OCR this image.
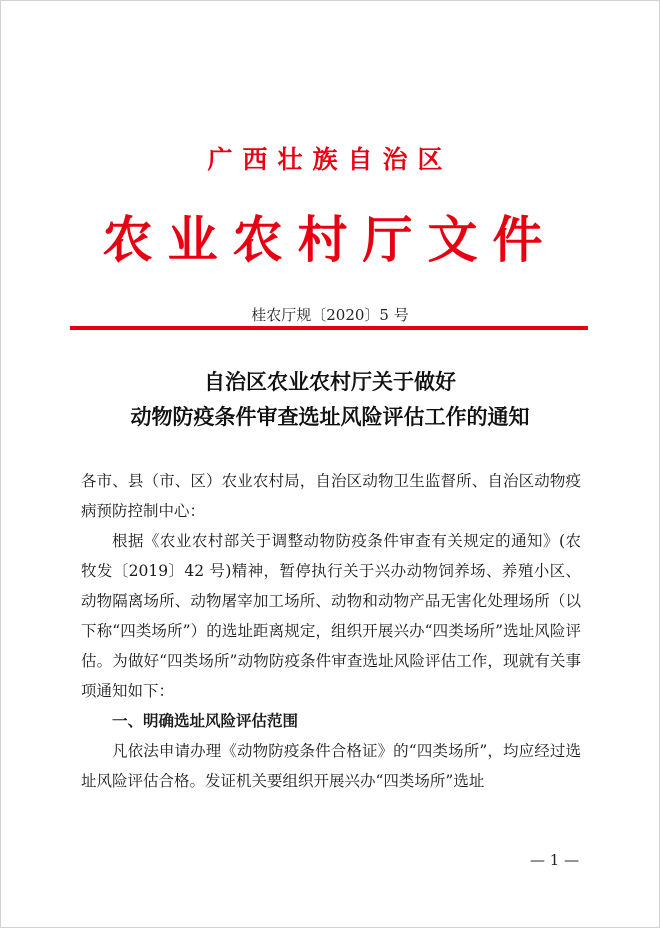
广西壮族自治区
农业农村厅文件
桂农厅规〔2020〕5 号
自治区农业农村厅关于做好
动物防疫条件审查选址风险评估工作的通知

各市、县（市、区）农业农村局，自治区动物卫生监督所、自治区动物疫病预防控制中心：

根据《农业农村部关于调整动物防疫条件审查有关规定的通知》(农牧发〔2019〕42 号)精神，暂停执行关于兴办动物饲养场、养殖小区、动物隔离场所、动物屠宰加工场所、动物和动物产品无害化处理场所（以下称“四类场所”）的选址距离规定，组织开展兴办“四类场所”选址风险评估。为做好“四类场所”动物防疫条件审查选址风险评估工作，现就有关事项通知如下：

一、明确选址风险评估范围

凡依法申请办理《动物防疫条件合格证》的“四类场所”，均应经过选址风险评估合格。发证机关要组织开展兴办“四类场所”选址

— 1 —
